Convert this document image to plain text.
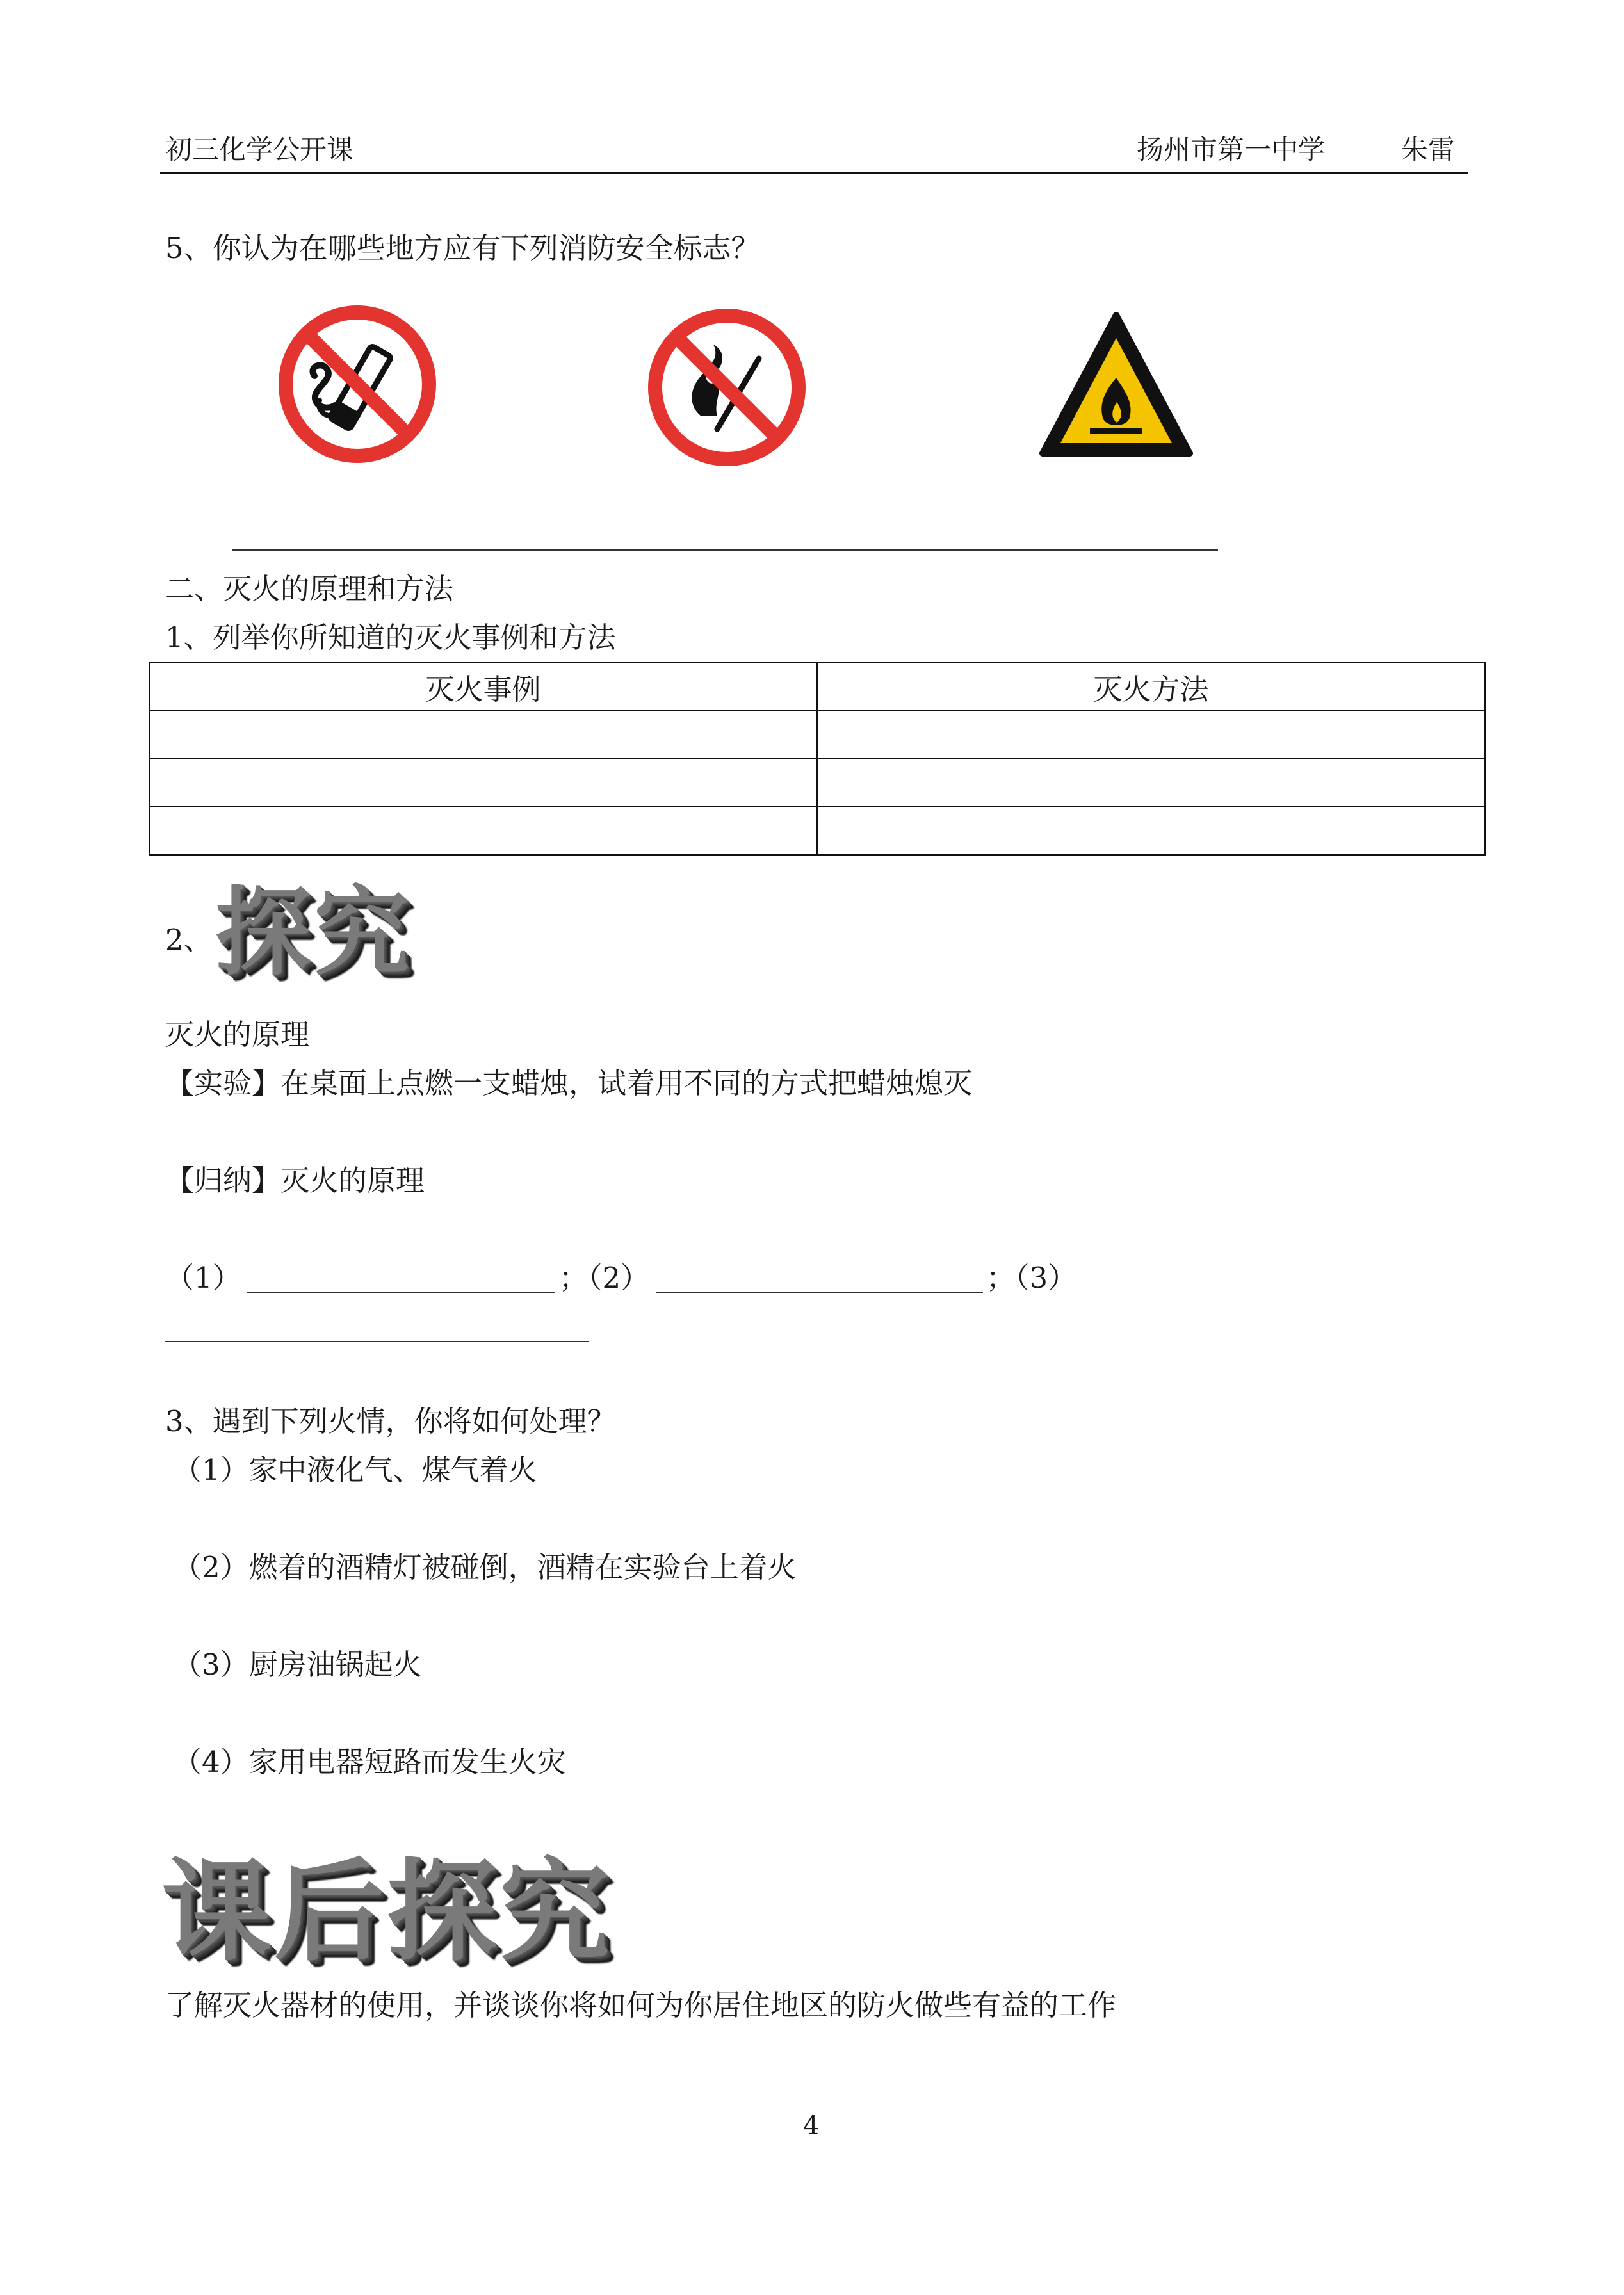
初三化学公开课	扬州市第一中学	朱雷
5、你认为在哪些地方应有下列消防安全标志？
二、灭火的原理和方法
1、列举你所知道的灭火事例和方法
灭火事例	灭火方法

2、 探究
灭火的原理
【实验】在桌面上点燃一支蜡烛，试着用不同的方式把蜡烛熄灭
【归纳】灭火的原理
（1）	；（2）	；（3）
3、遇到下列火情，你将如何处理？
（1）家中液化气、煤气着火
（2）燃着的酒精灯被碰倒，酒精在实验台上着火
（3）厨房油锅起火
（4）家用电器短路而发生火灾
课后探究
了解灭火器材的使用，并谈谈你将如何为你居住地区的防火做些有益的工作
4
